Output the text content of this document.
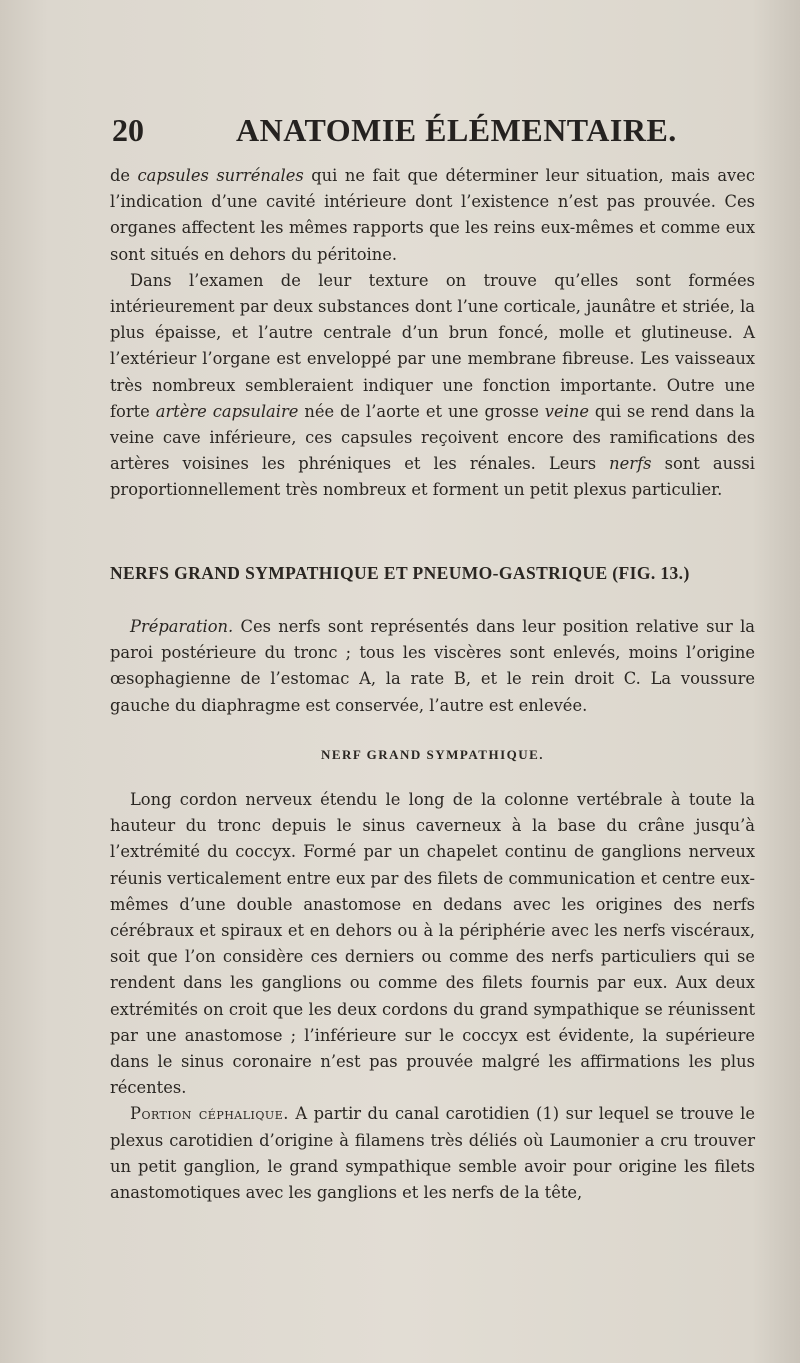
20	ANATOMIE ÉLÉMENTAIRE.

de capsules surrénales qui ne fait que déterminer leur situation, mais avec l’indication d’une cavité intérieure dont l’existence n’est pas prouvée. Ces organes affectent les mêmes rapports que les reins eux-mêmes et comme eux sont situés en dehors du péritoine.

Dans l’examen de leur texture on trouve qu’elles sont formées intérieurement par deux substances dont l’une corticale, jaunâtre et striée, la plus épaisse, et l’autre centrale d’un brun foncé, molle et glutineuse. A l’extérieur l’organe est enveloppé par une membrane fibreuse. Les vaisseaux très nombreux sembleraient indiquer une fonction importante. Outre une forte artère capsulaire née de l’aorte et une grosse veine qui se rend dans la veine cave inférieure, ces capsules reçoivent encore des ramifications des artères voisines les phréniques et les rénales. Leurs nerfs sont aussi proportionnellement très nombreux et forment un petit plexus particulier.

NERFS GRAND SYMPATHIQUE ET PNEUMO-GASTRIQUE (FIG. 13.)

Préparation. Ces nerfs sont représentés dans leur position relative sur la paroi postérieure du tronc ; tous les viscères sont enlevés, moins l’origine œsophagienne de l’estomac A, la rate B, et le rein droit C. La voussure gauche du diaphragme est conservée, l’autre est enlevée.

NERF GRAND SYMPATHIQUE.

Long cordon nerveux étendu le long de la colonne vertébrale à toute la hauteur du tronc depuis le sinus caverneux à la base du crâne jusqu’à l’extrémité du coccyx. Formé par un chapelet continu de ganglions nerveux réunis verticalement entre eux par des filets de communication et centre eux-mêmes d’une double anastomose en dedans avec les origines des nerfs cérébraux et spiraux et en dehors ou à la périphérie avec les nerfs viscéraux, soit que l’on considère ces derniers ou comme des nerfs particuliers qui se rendent dans les ganglions ou comme des filets fournis par eux. Aux deux extrémités on croit que les deux cordons du grand sympathique se réunissent par une anastomose ; l’inférieure sur le coccyx est évidente, la supérieure dans le sinus coronaire n’est pas prouvée malgré les affirmations les plus récentes.

Portion céphalique. A partir du canal carotidien (1) sur lequel se trouve le plexus carotidien d’origine à filamens très déliés où Laumonier a cru trouver un petit ganglion, le grand sympathique semble avoir pour origine les filets anastomotiques avec les ganglions et les nerfs de la tête,
